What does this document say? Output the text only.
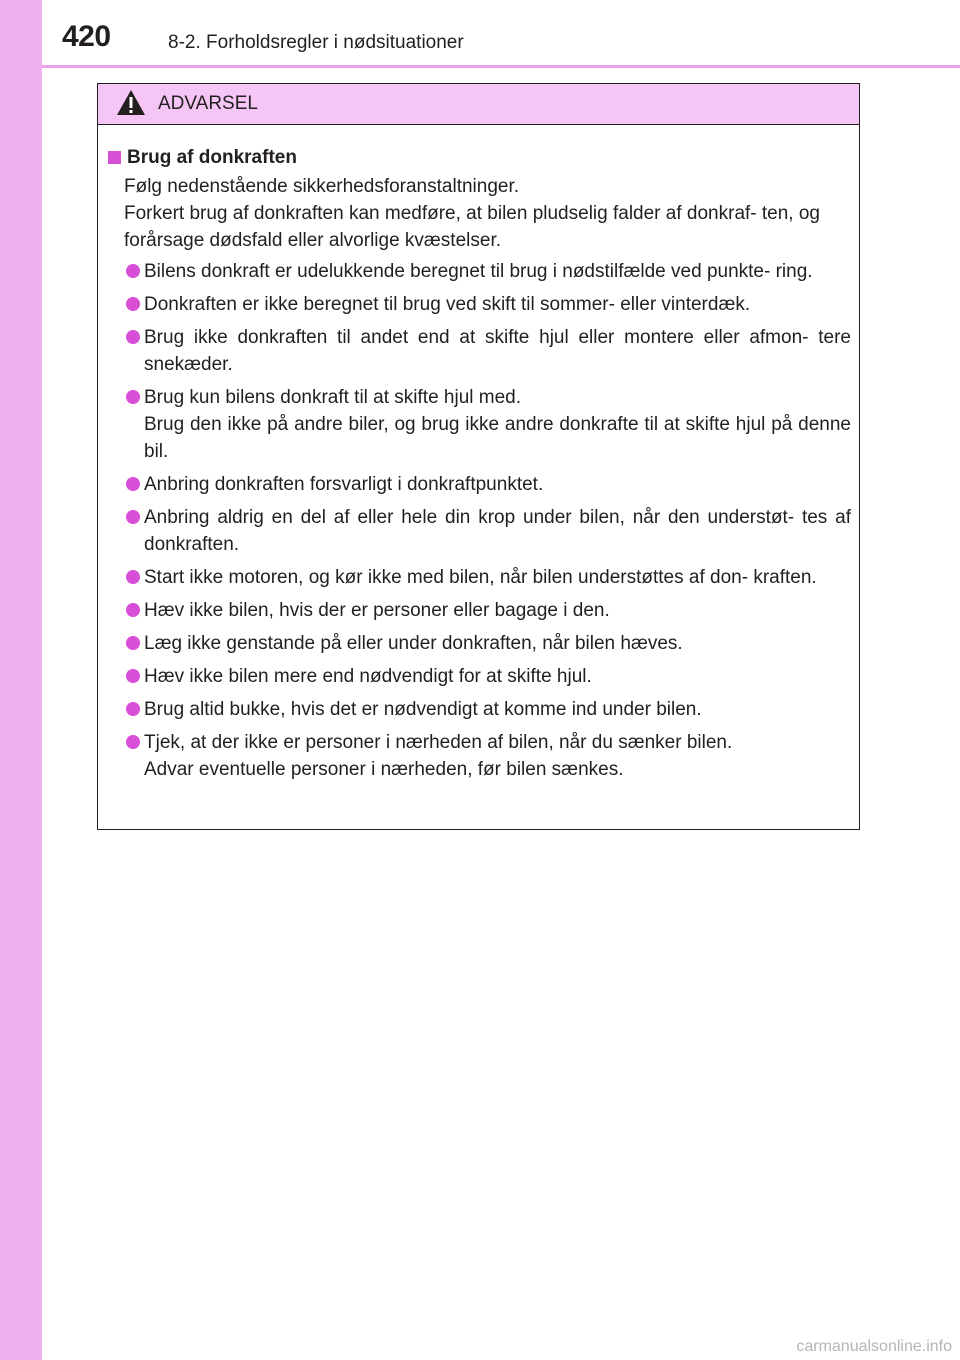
420	8-2. Forholdsregler i nødsituationer
ADVARSEL
Brug af donkraften

Følg nedenstående sikkerhedsforanstaltninger.

Forkert brug af donkraften kan medføre, at bilen pludselig falder af donkraf- ten, og forårsage dødsfald eller alvorlige kvæstelser.

Bilens donkraft er udelukkende beregnet til brug i nødstilfælde ved punkte- ring.
Donkraften er ikke beregnet til brug ved skift til sommer- eller vinterdæk.
Brug ikke donkraften til andet end at skifte hjul eller montere eller afmon- tere snekæder.
Brug kun bilens donkraft til at skifte hjul med.
Brug den ikke på andre biler, og brug ikke andre donkrafte til at skifte hjul på denne bil.
Anbring donkraften forsvarligt i donkraftpunktet.
Anbring aldrig en del af eller hele din krop under bilen, når den understøt- tes af donkraften.
Start ikke motoren, og kør ikke med bilen, når bilen understøttes af don- kraften.
Hæv ikke bilen, hvis der er personer eller bagage i den.
Læg ikke genstande på eller under donkraften, når bilen hæves.
Hæv ikke bilen mere end nødvendigt for at skifte hjul.
Brug altid bukke, hvis det er nødvendigt at komme ind under bilen.
Tjek, at der ikke er personer i nærheden af bilen, når du sænker bilen.
Advar eventuelle personer i nærheden, før bilen sænkes.
carmanualsonline.info
